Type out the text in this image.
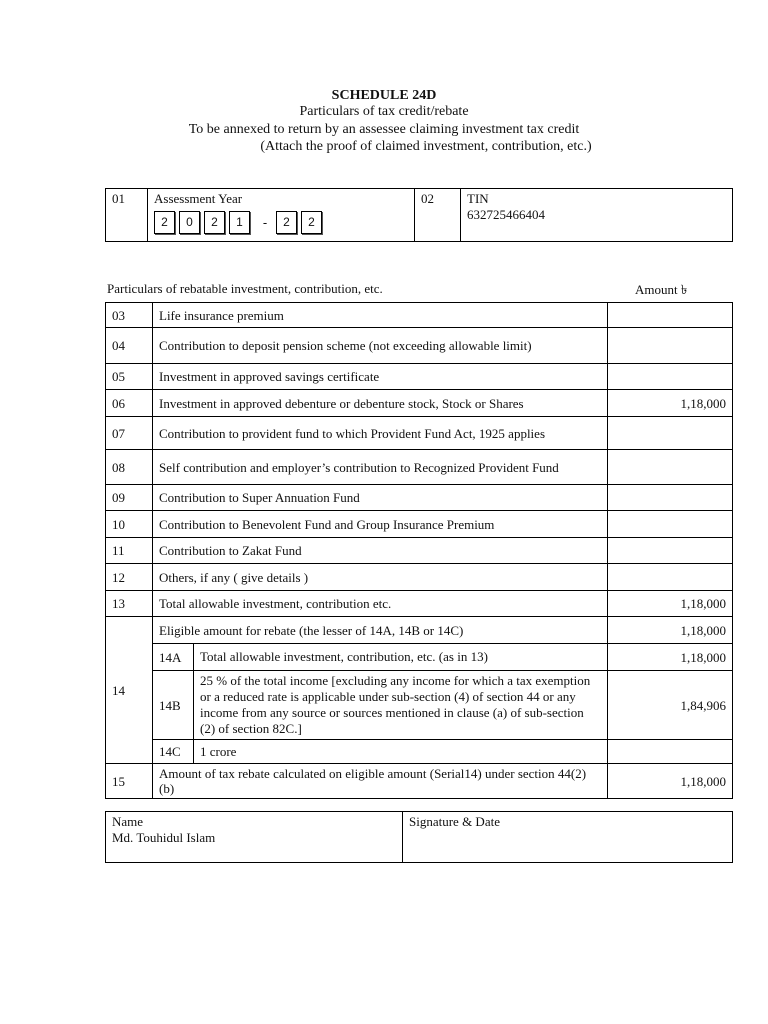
SCHEDULE 24D
Particulars of tax credit/rebate
To be annexed to return by an assessee claiming investment tax credit
(Attach the proof of claimed investment, contribution, etc.)
01	Assessment Year
2	0	2	1	-	2	2
	02	TIN
632725466404
Particulars of rebatable investment, contribution, etc.	Amount ৳
03	Life insurance premium		
04	Contribution to deposit pension scheme (not exceeding allowable limit)		
05	Investment in approved savings certificate		
06	Investment in approved debenture or debenture stock, Stock or Shares		1,18,000
07	Contribution to provident fund to which Provident Fund Act, 1925 applies		
08	Self contribution and employer’s contribution to Recognized Provident Fund		
09	Contribution to Super Annuation Fund		
10	Contribution to Benevolent Fund and Group Insurance Premium		
11	Contribution to Zakat Fund		
12	Others, if any ( give details )		
13	Total allowable investment, contribution etc.		1,18,000
14	Eligible amount for rebate (the lesser of 14A, 14B or 14C)		1,18,000
	14A	Total allowable investment, contribution, etc. (as in 13)	1,18,000
	14B	25 % of the total income [excluding any income for which a tax exemption or a reduced rate is applicable under sub-section (4) of section 44 or any income from any source or sources mentioned in clause (a) of sub-section (2) of section 82C.]	1,84,906
	14C	1 crore	
15	Amount of tax rebate calculated on eligible amount (Serial14) under section 44(2)(b)		1,18,000
Name
Md. Touhidul Islam

Signature & Date
